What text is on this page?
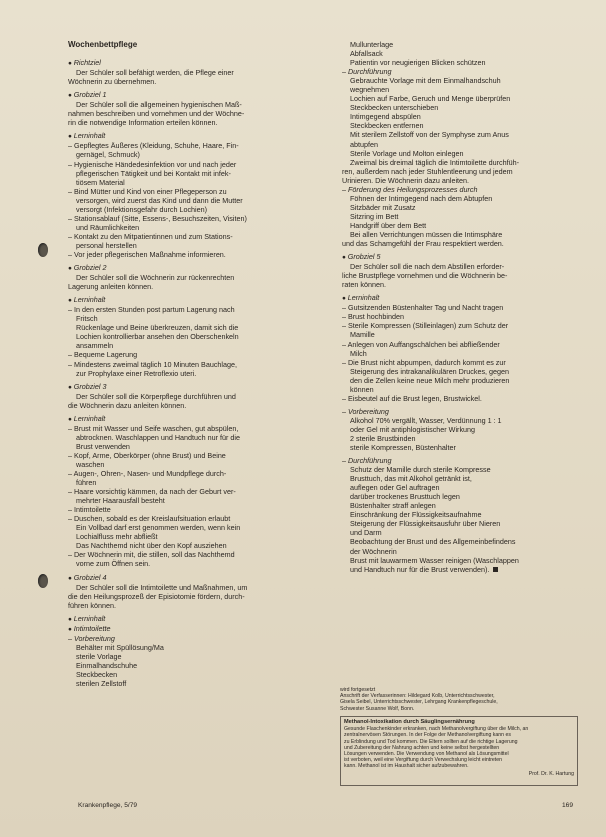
Wochenbettpflege
● Richtziel
Der Schüler soll befähigt werden, die Pflege einer
Wöchnerin zu übernehmen.
● Grobziel 1
Der Schüler soll die allgemeinen hygienischen Maß-
nahmen beschreiben und vornehmen und der Wöchne-
rin die notwendige Information erteilen können.
● Lerninhalt
– Gepflegtes Äußeres (Kleidung, Schuhe, Haare, Fin-
gernägel, Schmuck)
– Hygienische Händedesinfektion vor und nach jeder
pflegerischen Tätigkeit und bei Kontakt mit infek-
tiösem Material
– Bind Mütter und Kind von einer Pflegeperson zu
versorgen, wird zuerst das Kind und dann die Mutter
versorgt (Infektionsgefahr durch Lochien)
– Stationsablauf (Sitte, Essens-, Besuchszeiten, Visiten)
und Räumlichkeiten
– Kontakt zu den Mitpatientinnen und zum Stations-
personal herstellen
– Vor jeder pflegerischen Maßnahme informieren.
● Grobziel 2
Der Schüler soll die Wöchnerin zur rückenrechten
Lagerung anleiten können.
● Lerninhalt
– In den ersten Stunden post partum Lagerung nach
Fritsch
Rückenlage und Beine überkreuzen, damit sich die
Lochien kontrollierbar ansehen den Oberschenkeln
ansammeln
– Bequeme Lagerung
– Mindestens zweimal täglich 10 Minuten Bauchlage,
zur Prophylaxe einer Retroflexio uteri.
● Grobziel 3
Der Schüler soll die Körperpflege durchführen und
die Wöchnerin dazu anleiten können.
● Lerninhalt
– Brust mit Wasser und Seife waschen, gut abspülen,
abtrocknen. Waschlappen und Handtuch nur für die
Brust verwenden
– Kopf, Arme, Oberkörper (ohne Brust) und Beine
waschen
– Augen-, Ohren-, Nasen- und Mundpflege durch-
führen
– Haare vorsichtig kämmen, da nach der Geburt ver-
mehrter Haarausfall besteht
– Intimtoilette
– Duschen, sobald es der Kreislaufsituation erlaubt
Ein Vollbad darf erst genommen werden, wenn kein
Lochialfluss mehr abfließt
Das Nachthemd nicht über den Kopf ausziehen
– Der Wöchnerin mit, die stillen, soll das Nachthemd
vorne zum Öffnen sein.
● Grobziel 4
Der Schüler soll die Intimtoilette und Maßnahmen, um
die den Heilungsprozeß der Episiotomie fördern, durch-
führen können.
● Lerninhalt
● Intimtoilette
– Vorbereitung
Behälter mit Spüllösung/Ma
sterile Vorlage
Einmalhandschuhe
Steckbecken
sterilen Zellstoff
Mullunterlage
Abfallsack
Patientin vor neugierigen Blicken schützen
– Durchführung
Gebrauchte Vorlage mit dem Einmalhandschuh
wegnehmen
Lochien auf Farbe, Geruch und Menge überprüfen
Steckbecken unterschieben
Intimgegend abspülen
Steckbecken entfernen
Mit sterilem Zellstoff von der Symphyse zum Anus
abtupfen
Sterile Vorlage und Molton einlegen
Zweimal bis dreimal täglich die Intimtoilette durchfüh-
ren, außerdem nach jeder Stuhlentleerung und jedem
Urinieren. Die Wöchnerin dazu anleiten.
– Förderung des Heilungsprozesses durch
Föhnen der Intimgegend nach dem Abtupfen
Sitzbäder mit Zusatz
Sitzring im Bett
Handgriff über dem Bett
Bei allen Verrichtungen müssen die Intimsphäre
und das Schamgefühl der Frau respektiert werden.
● Grobziel 5
Der Schüler soll die nach dem Abstillen erforder-
liche Brustpflege vornehmen und die Wöchnerin be-
raten können.
● Lerninhalt
– Gutsitzenden Büstenhalter Tag und Nacht tragen
– Brust hochbinden
– Sterile Kompressen (Stilleinlagen) zum Schutz der
Mamille
– Anlegen von Auffangschälchen bei abfließender
Milch
– Die Brust nicht abpumpen, dadurch kommt es zur
Steigerung des intrakanalikulären Druckes, gegen
den die Zellen keine neue Milch mehr produzieren
können
– Eisbeutel auf die Brust legen, Brustwickel.
– Vorbereitung
Alkohol 70% vergällt, Wasser, Verdünnung 1 : 1
oder Gel mit antiphlogistischer Wirkung
2 sterile Brustbinden
sterile Kompressen, Büstenhalter
– Durchführung
Schutz der Mamille durch sterile Kompresse
Brusttuch, das mit Alkohol getränkt ist,
auflegen oder Gel auftragen
darüber trockenes Brusttuch legen
Büstenhalter straff anlegen
Einschränkung der Flüssigkeitsaufnahme
Steigerung der Flüssigkeitsausfuhr über Nieren
und Darm
Beobachtung der Brust und des Allgemeinbefindens
der Wöchnerin
Brust mit lauwarmem Wasser reinigen (Waschlappen
und Handtuch nur für die Brust verwenden).
wird fortgesetzt
Anschrift der Verfasserinnen: Hildegard Kolb, Unterrichtsschwester,
Gisela Seibel, Unterrichtsschwester, Lehrgang Krankenpflegeschule,
Schwester Susanne Wolf, Bonn.
Methanol-Intoxikation durch Säuglingsernährung
Gesunde Flaschenkinder erkranken, nach Methanolvergiftung über die Milch, an
zentralnervösen Störungen. In der Folge der Methanolvergiftung kann es
zu Erblindung und Tod kommen. Die Eltern sollten auf die richtige Lagerung
und Zubereitung der Nahrung achten und keine selbst hergestellten
Lösungen verwenden. Die Verwendung von Methanol als Lösungsmittel
ist verboten, weil eine Vergiftung durch Verwechslung leicht eintreten
kann. Methanol ist im Haushalt sicher aufzubewahren.
Prof. Dr. K. Hartung
Krankenpflege, 5/79	169
